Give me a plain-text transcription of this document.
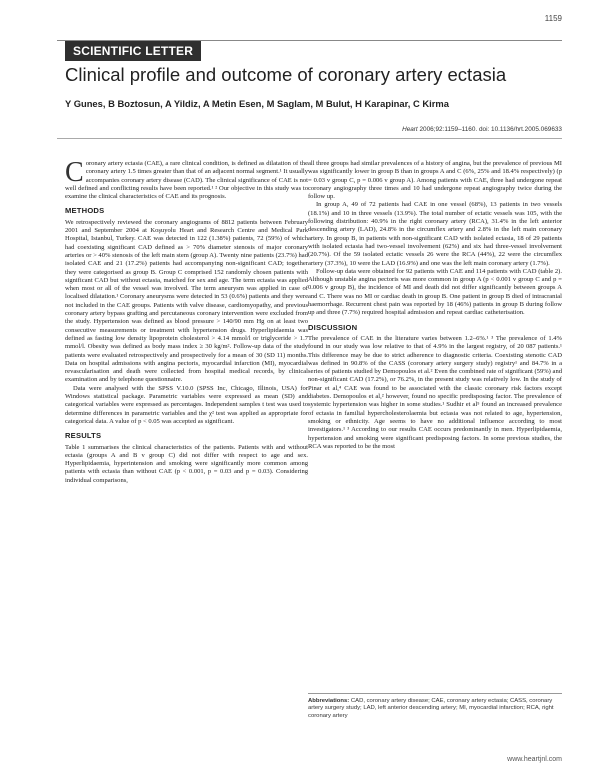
1159
SCIENTIFIC LETTER
Clinical profile and outcome of coronary artery ectasia

Y Gunes, B Boztosun, A Yildiz, A Metin Esen, M Saglam, M Bulut, H Karapinar, C Kirma

Heart 2006;92:1159–1160. doi: 10.1136/hrt.2005.069633

Coronary artery ectasia (CAE), a rare clinical condition, is defined as dilatation of the coronary artery 1.5 times greater than that of an adjacent normal segment.¹ It usually accompanies coronary artery disease (CAD). The clinical significance of CAE is not well defined and conflicting results have been reported.¹ ² Our objective in this study was to examine the clinical characteristics of CAE and its prognosis.

METHODS

We retrospectively reviewed the coronary angiograms of 8812 patients between February 2001 and September 2004 at Koşuyolu Heart and Research Centre and Medical Park Hospital, Istanbul, Turkey. CAE was detected in 122 (1.38%) patients, 72 (59%) of which had coexisting significant CAD defined as > 70% diameter stenosis of major coronary arteries or > 40% stenosis of the left main stem (group A). Twenty nine patients (23.7%) had isolated CAE and 21 (17.2%) patients had accompanying non-significant CAD; together they were categorised as group B. Group C comprised 152 randomly chosen patients with significant CAD but without ectasia, matched for sex and age. The term ectasia was applied when most or all of the vessel was involved. The term aneurysm was applied in case of localised dilatation.¹ Coronary aneurysms were detected in 53 (0.6%) patients and they were not included in the CAE groups. Patients with valve disease, cardiomyopathy, and previous coronary artery bypass grafting and percutaneous coronary intervention were excluded from the study. Hypertension was defined as blood pressure > 140/90 mm Hg on at least two consecutive measurements or treatment with hypertension drugs. Hyperlipidaemia was defined as fasting low density lipoprotein cholesterol > 4.14 mmol/l or triglyceride > 1.7 mmol/l. Obesity was defined as body mass index ≥ 30 kg/m². Follow-up data of the study patients were evaluated retrospectively and prospectively for a mean of 30 (SD 11) months. Data on hospital admissions with angina pectoris, myocardial infarction (MI), myocardial revascularisation and death were collected from hospital medical records, by clinical examination and by telephone questionnaire.

Data were analysed with the SPSS V.10.0 (SPSS Inc, Chicago, Illinois, USA) for Windows statistical package. Parametric variables were expressed as mean (SD) and categorical variables were expressed as percentages. Independent samples t test was used to determine differences in parametric variables and the χ² test was applied as appropriate for categorical data. A value of p < 0.05 was accepted as significant.

RESULTS

Table 1 summarises the clinical characteristics of the patients. Patients with and without ectasia (groups A and B v group C) did not differ with respect to age and sex. Hyperlipidaemia, hyperintension and smoking were significantly more common among patients with ectasia than without CAE (p < 0.001, p = 0.03 and p = 0.03). Considering individual comparisons,

all three groups had similar prevalences of a history of angina, but the prevalence of previous MI was significantly lower in group B than in groups A and C (6%, 25% and 18.4% respectively) (p = 0.03 v group C, p = 0.006 v group A). Among patients with CAE, three had undergone repeat coronary angiography three times and 10 had undergone repeat angiography twice during the follow up.

In group A, 49 of 72 patients had CAE in one vessel (68%), 13 patients in two vessels (18.1%) and 10 in three vessels (13.9%). The total number of ectatic vessels was 105, with the following distribution: 40.9% in the right coronary artery (RCA), 31.4% in the left anterior descending artery (LAD), 24.8% in the circumflex artery and 2.8% in the left main coronary artery. In group B, in patients with non-significant CAD with isolated ectasia, 18 of 29 patients with isolated ectasia had two-vessel involvement (62%) and six had three-vessel involvement (20.7%). Of the 59 isolated ectatic vessels 26 were the RCA (44%), 22 were the circumflex artery (37.3%), 10 were the LAD (16.9%) and one was the left main coronary artery (1.7%).

Follow-up data were obtained for 92 patients with CAE and 114 patients with CAD (table 2). Although unstable angina pectoris was more common in group A (p < 0.001 v group C and p = 0.006 v group B), the incidence of MI and death did not differ significantly between groups A and C. There was no MI or cardiac death in group B. One patient in group B died of intracranial haemorrhage. Recurrent chest pain was reported by 18 (46%) patients in group B during follow up and three (7.7%) required hospital admission and repeat cardiac catheterisation.

DISCUSSION

The prevalence of CAE in the literature varies between 1.2–6%.¹ ³ The prevalence of 1.4% found in our study was low relative to that of 4.9% in the largest registry, of 20 087 patients.¹ This difference may be due to strict adherence to diagnostic criteria. Coexisting stenotic CAD was defined in 90.8% of the CASS (coronary artery surgery study) registry¹ and 84.7% in a series of patients studied by Demopoulos et al.² Even the combined rate of significant (59%) and non-significant CAD (17.2%), or 76.2%, in the present study was relatively low. In the study of Pinar et al,⁴ CAE was found to be associated with the classic coronary risk factors except diabetes. Demopoulos et al,² however, found no specific predisposing factor. The prevalence of systemic hypertension was higher in some studies.¹ Sudhir et al⁵ found an increased prevalence of ectasia in familial hypercholesterolaemia but ectasia was not related to age, hypertension, smoking or ethnicity. Age seems to have no additional influence according to most investigators.¹ ³ According to our results CAE occurs predominantly in men. Hyperlipidaemia, hypertension and smoking were significant predisposing factors. In some previous studies, the RCA was reported to be the most

Abbreviations: CAD, coronary artery disease; CAE, coronary artery ectasia; CASS, coronary artery surgery study; LAD, left anterior descending artery; MI, myocardial infarction; RCA, right coronary artery
www.heartjnl.com
